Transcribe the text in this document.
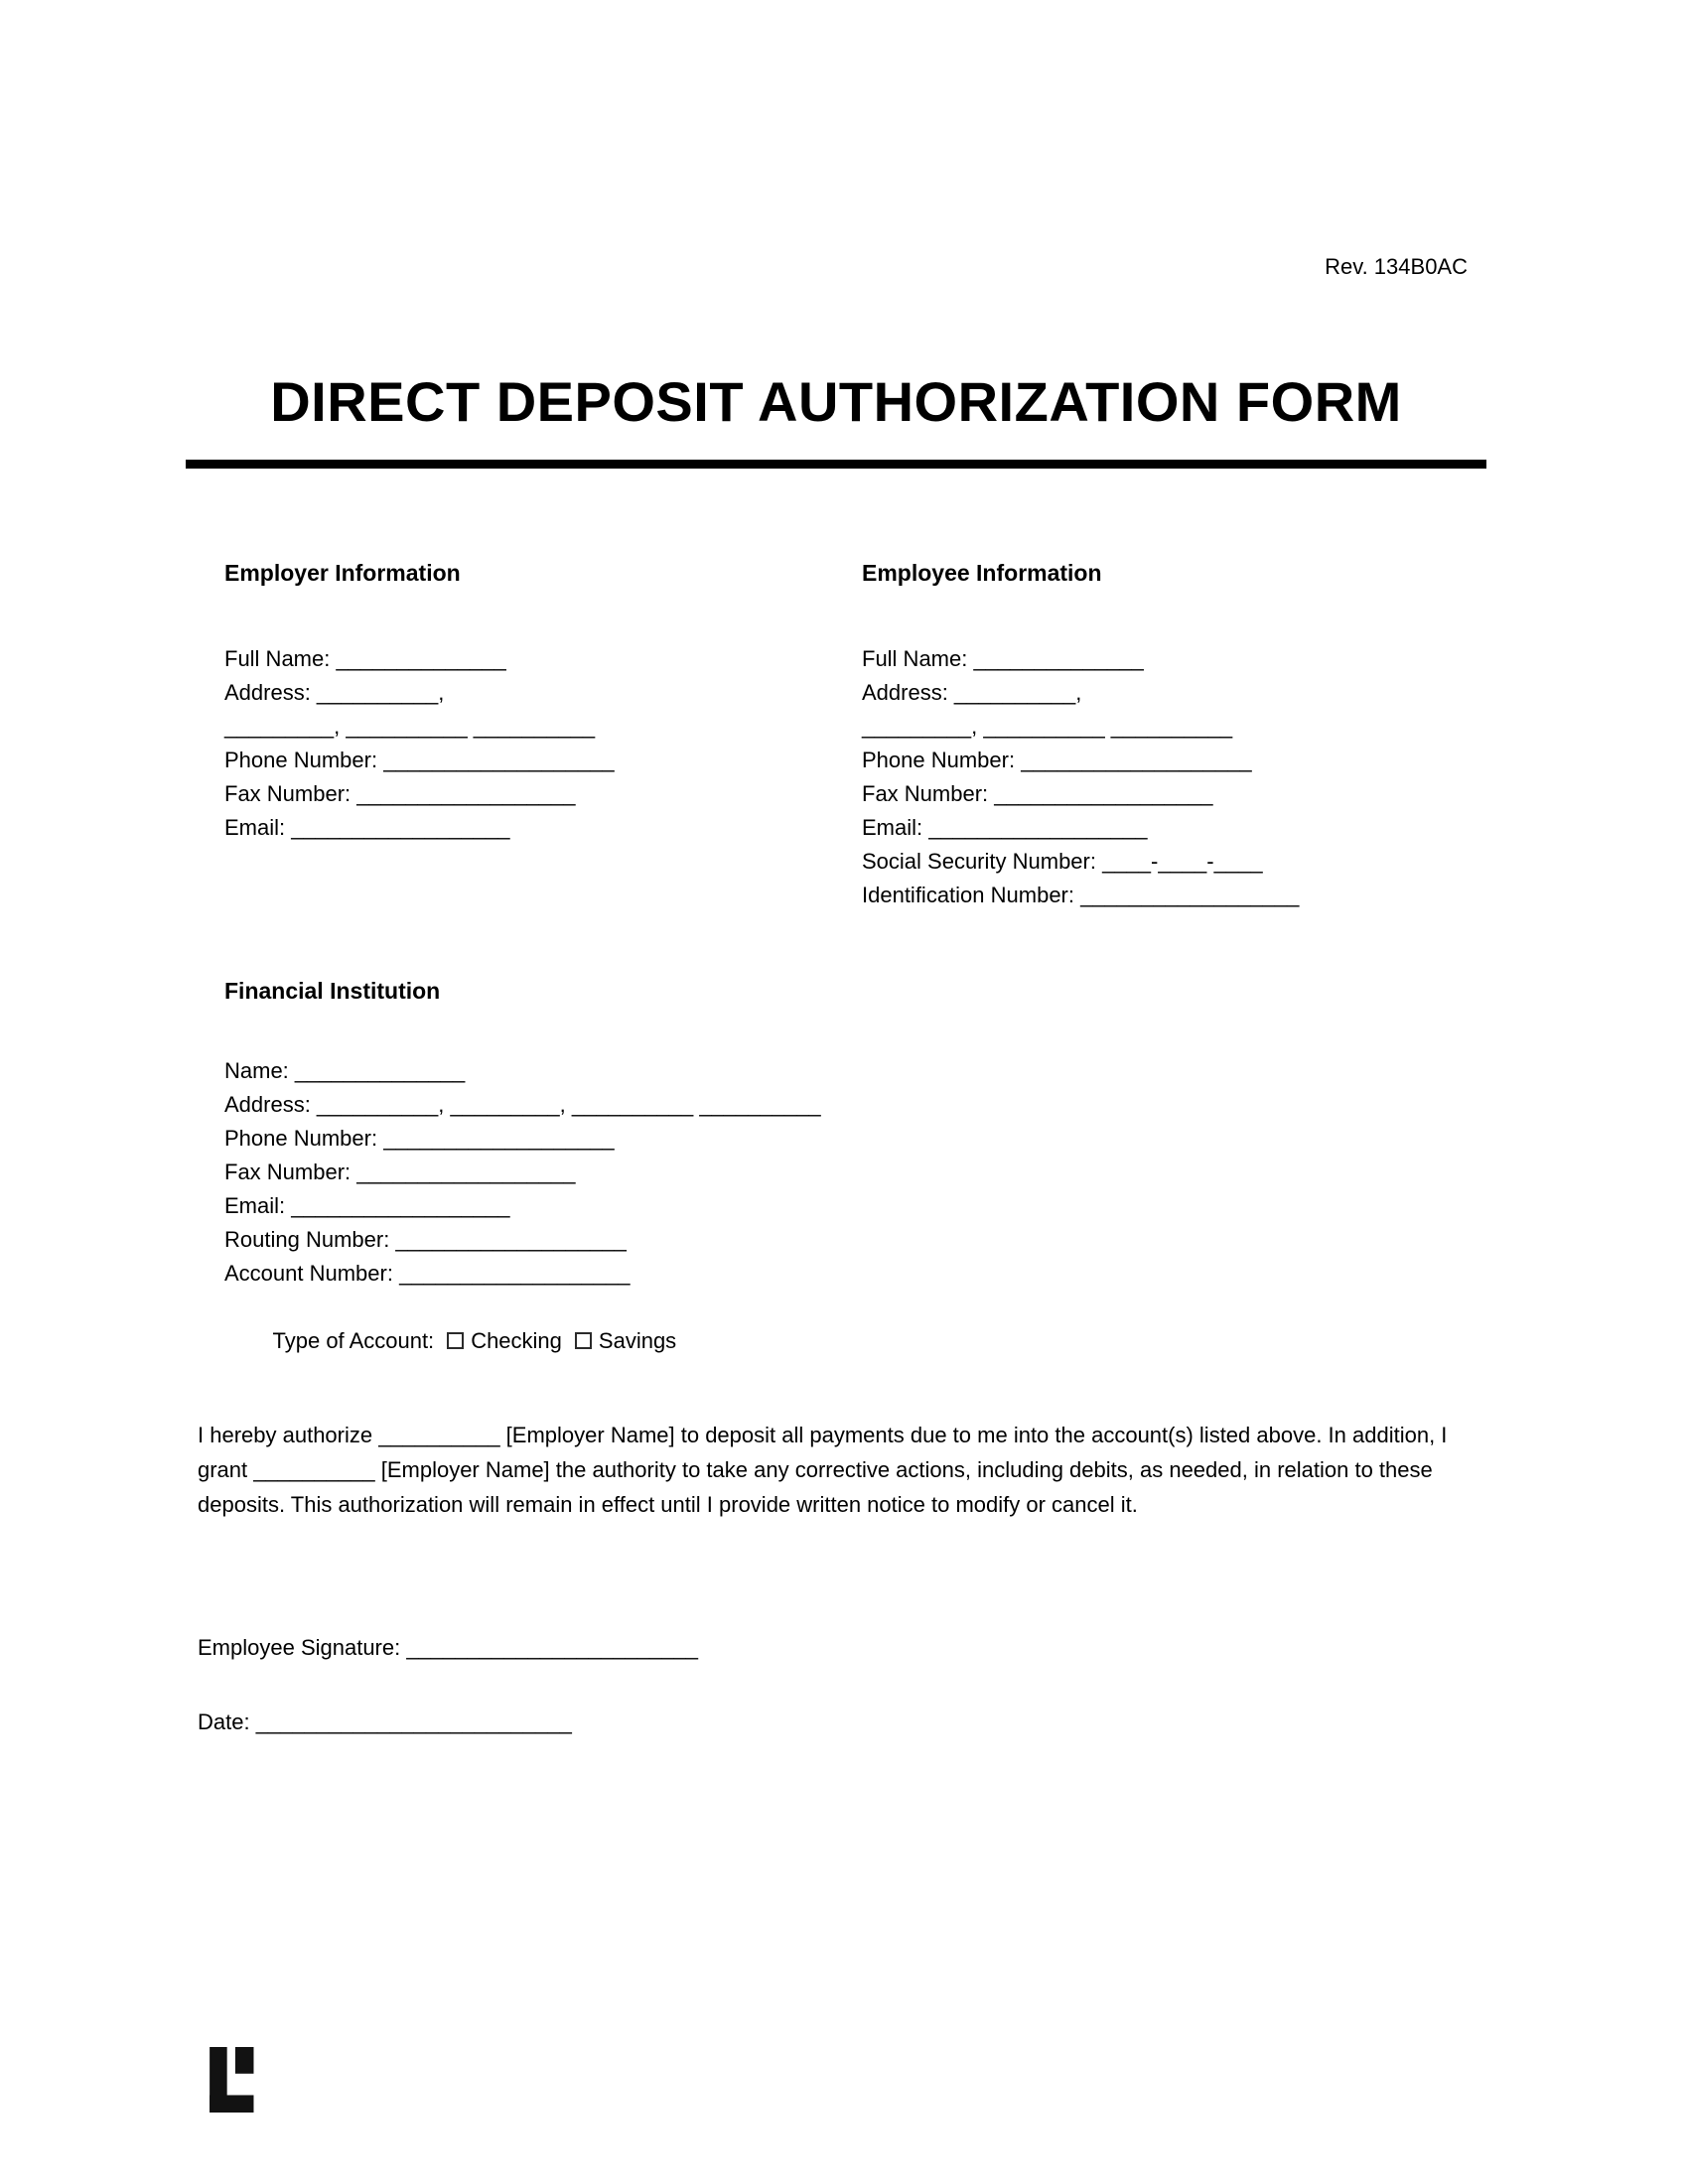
Rev. 134B0AC
DIRECT DEPOSIT AUTHORIZATION FORM
Employer Information
Full Name: ______________
Address: __________,
_________, __________ __________
Phone Number: ___________________
Fax Number: __________________
Email: __________________
Employee Information
Full Name: ______________
Address: __________,
_________, __________ __________
Phone Number: ___________________
Fax Number: __________________
Email: __________________
Social Security Number: ____-____-____
Identification Number: __________________
Financial Institution
Name: ______________
Address: __________, _________, __________ __________
Phone Number: ___________________
Fax Number: __________________
Email: __________________
Routing Number: ___________________
Account Number: ___________________

Type of Account: Checking Savings

I hereby authorize __________ [Employer Name] to deposit all payments due to me into the account(s) listed above. In addition, I grant __________ [Employer Name] the authority to take any corrective actions, including debits, as needed, in relation to these deposits. This authorization will remain in effect until I provide written notice to modify or cancel it.
Employee Signature: ________________________
Date: __________________________
